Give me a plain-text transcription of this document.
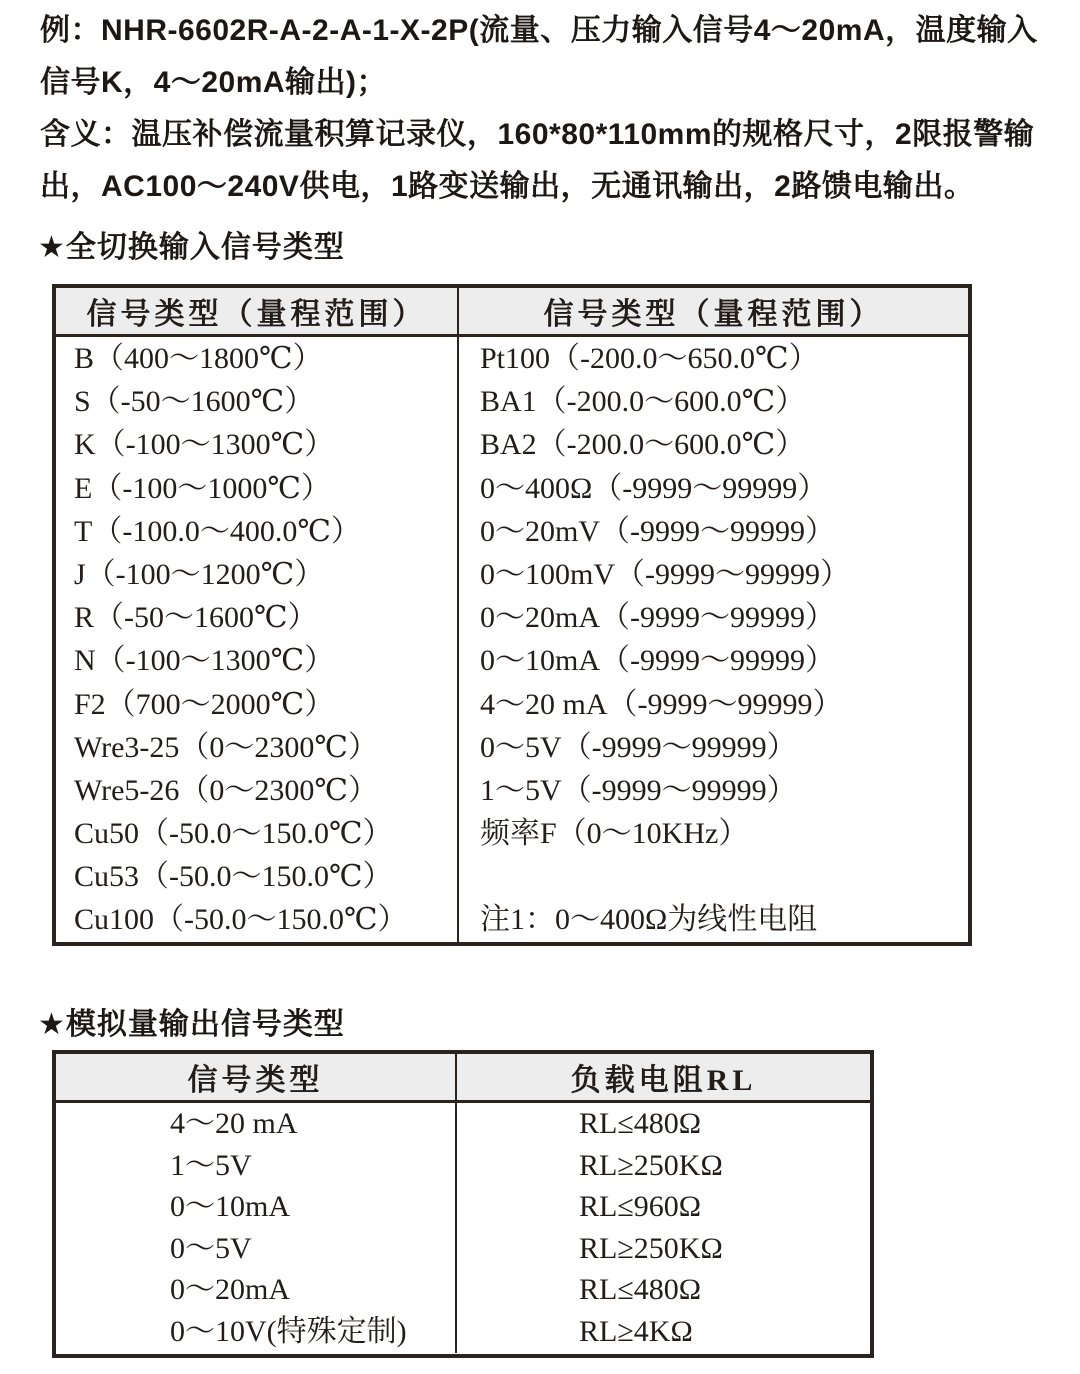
例：NHR-6602R-A-2-A-1-X-2P(流量、压力输入信号4～20mA，温度输入
信号K，4～20mA输出)；
含义：温压补偿流量积算记录仪，160*80*110mm的规格尺寸，2限报警输
出，AC100～240V供电，1路变送输出，无通讯输出，2路馈电输出。
★全切换输入信号类型
信号类型（量程范围）	信号类型（量程范围）
B（400～1800℃）
S（-50～1600℃）
K（-100～1300℃）
E（-100～1000℃）
T（-100.0～400.0℃）
J（-100～1200℃）
R（-50～1600℃）
N（-100～1300℃）
F2（700～2000℃）
Wre3-25（0～2300℃）
Wre5-26（0～2300℃）
Cu50（-50.0～150.0℃）
Cu53（-50.0～150.0℃）
Cu100（-50.0～150.0℃）
Pt100（-200.0～650.0℃）
BA1（-200.0～600.0℃）
BA2（-200.0～600.0℃）
0～400Ω（-9999～99999）
0～20mV（-9999～99999）
0～100mV（-9999～99999）
0～20mA（-9999～99999）
0～10mA（-9999～99999）
4～20 mA（-9999～99999）
0～5V（-9999～99999）
1～5V（-9999～99999）
频率F（0～10KHz）
注1：0～400Ω为线性电阻
★模拟量输出信号类型
信号类型	负载电阻RL
4～20 mA
1～5V
0～10mA
0～5V
0～20mA
0～10V(特殊定制)
RL≤480Ω
RL≥250KΩ
RL≤960Ω
RL≥250KΩ
RL≤480Ω
RL≥4KΩ
